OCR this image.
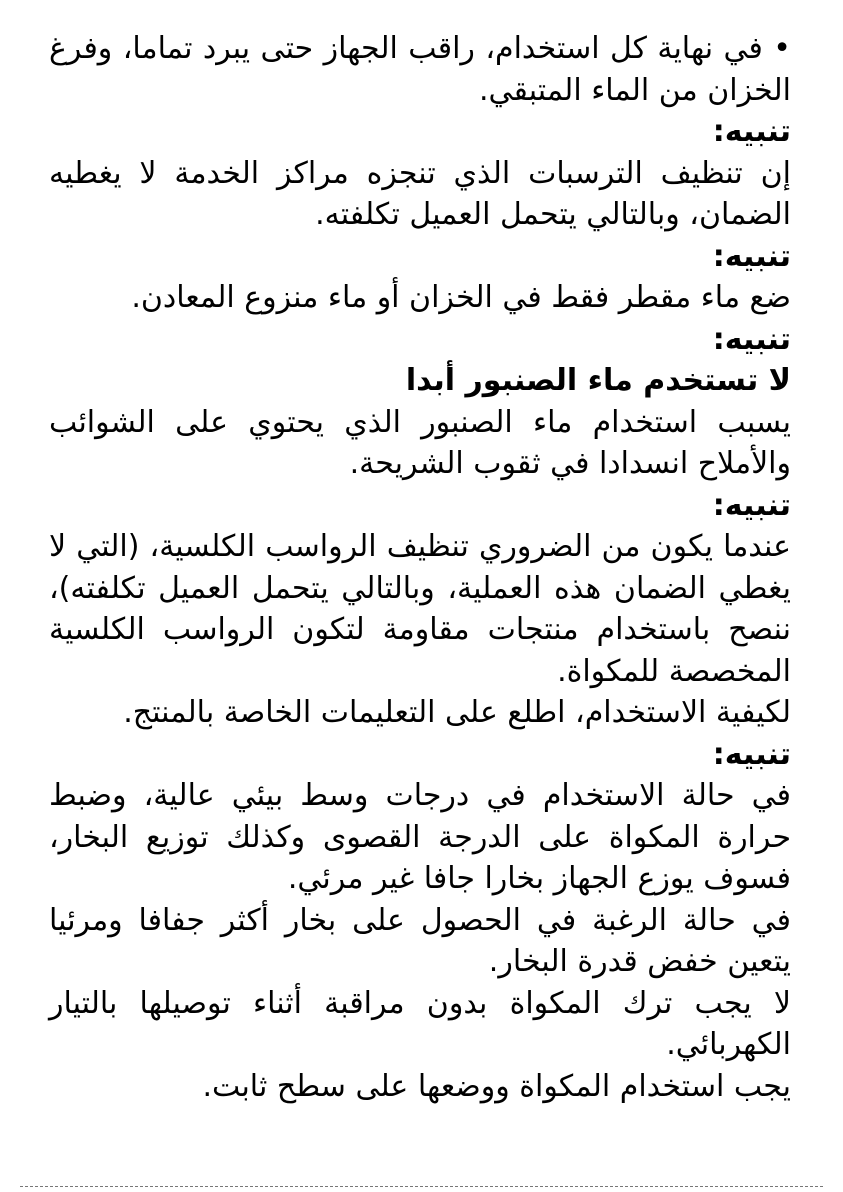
• في نهاية كل استخدام، راقب الجهاز حتى يبرد تماما، وفرغ الخزان من الماء المتبقي.

تنبيه:

إن تنظيف الترسبات الذي تنجزه مراكز الخدمة لا يغطيه الضمان، وبالتالي يتحمل العميل تكلفته.

تنبيه:

ضع ماء مقطر فقط في الخزان أو ماء منزوع المعادن.

تنبيه:

لا تستخدم ماء الصنبور أبدا

يسبب استخدام ماء الصنبور الذي يحتوي على الشوائب والأملاح انسدادا في ثقوب الشريحة.

تنبيه:

عندما يكون من الضروري تنظيف الرواسب الكلسية، (التي لا يغطي الضمان هذه العملية، وبالتالي يتحمل العميل تكلفته)، ننصح باستخدام منتجات مقاومة لتكون الرواسب الكلسية المخصصة للمكواة.

لكيفية الاستخدام، اطلع على التعليمات الخاصة بالمنتج.

تنبيه:

في حالة الاستخدام في درجات وسط بيئي عالية، وضبط حرارة المكواة على الدرجة القصوى وكذلك توزيع البخار، فسوف يوزع الجهاز بخارا جافا غير مرئي.

في حالة الرغبة في الحصول على بخار أكثر جفافا ومرئيا يتعين خفض قدرة البخار.

لا يجب ترك المكواة بدون مراقبة أثناء توصيلها بالتيار الكهربائي.

يجب استخدام المكواة ووضعها على سطح ثابت.
